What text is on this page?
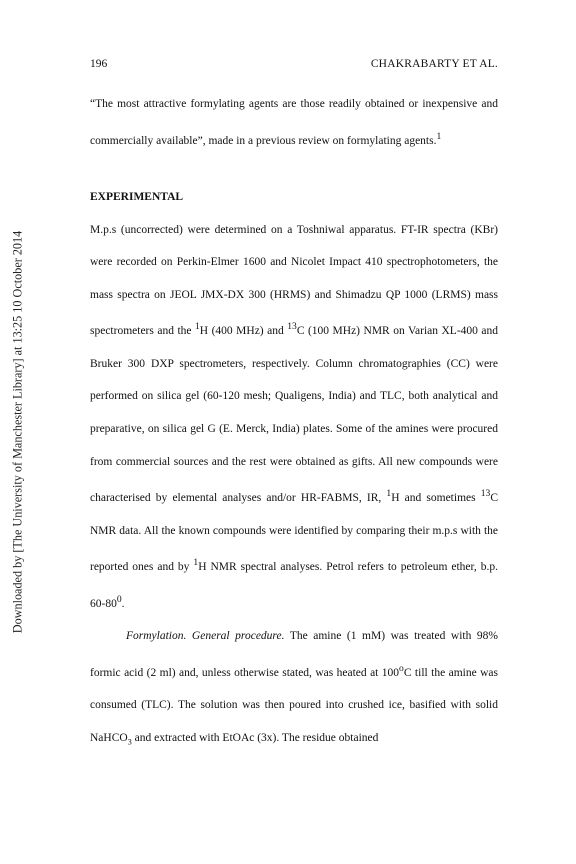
Downloaded by [The University of Manchester Library] at 13:25 10 October 2014
196	CHAKRABARTY ET AL.

“The most attractive formylating agents are those readily obtained or inexpensive and commercially available”, made in a previous review on formylating agents.$^1$

EXPERIMENTAL

M.p.s (uncorrected) were determined on a Toshniwal apparatus. FT-IR spectra (KBr) were recorded on Perkin-Elmer 1600 and Nicolet Impact 410 spectrophotometers, the mass spectra on JEOL JMX-DX 300 (HRMS) and Shimadzu QP 1000 (LRMS) mass spectrometers and the $^1$H (400 MHz) and $^{13}$C (100 MHz) NMR on Varian XL-400 and Bruker 300 DXP spectrometers, respectively. Column chromatographies (CC) were performed on silica gel (60-120 mesh; Qualigens, India) and TLC, both analytical and preparative, on silica gel G (E. Merck, India) plates. Some of the amines were procured from commercial sources and the rest were obtained as gifts. All new compounds were characterised by elemental analyses and/or HR-FABMS, IR, $^1$H and sometimes $^{13}$C NMR data. All the known compounds were identified by comparing their m.p.s with the reported ones and by $^1$H NMR spectral analyses. Petrol refers to petroleum ether, b.p. $60-80^0$.

Formylation. General procedure. The amine (1 mM) was treated with 98% formic acid (2 ml) and, unless otherwise stated, was heated at 100$^o$C till the amine was consumed (TLC). The solution was then poured into crushed ice, basified with solid NaHCO$_3$ and extracted with EtOAc (3x). The residue obtained
